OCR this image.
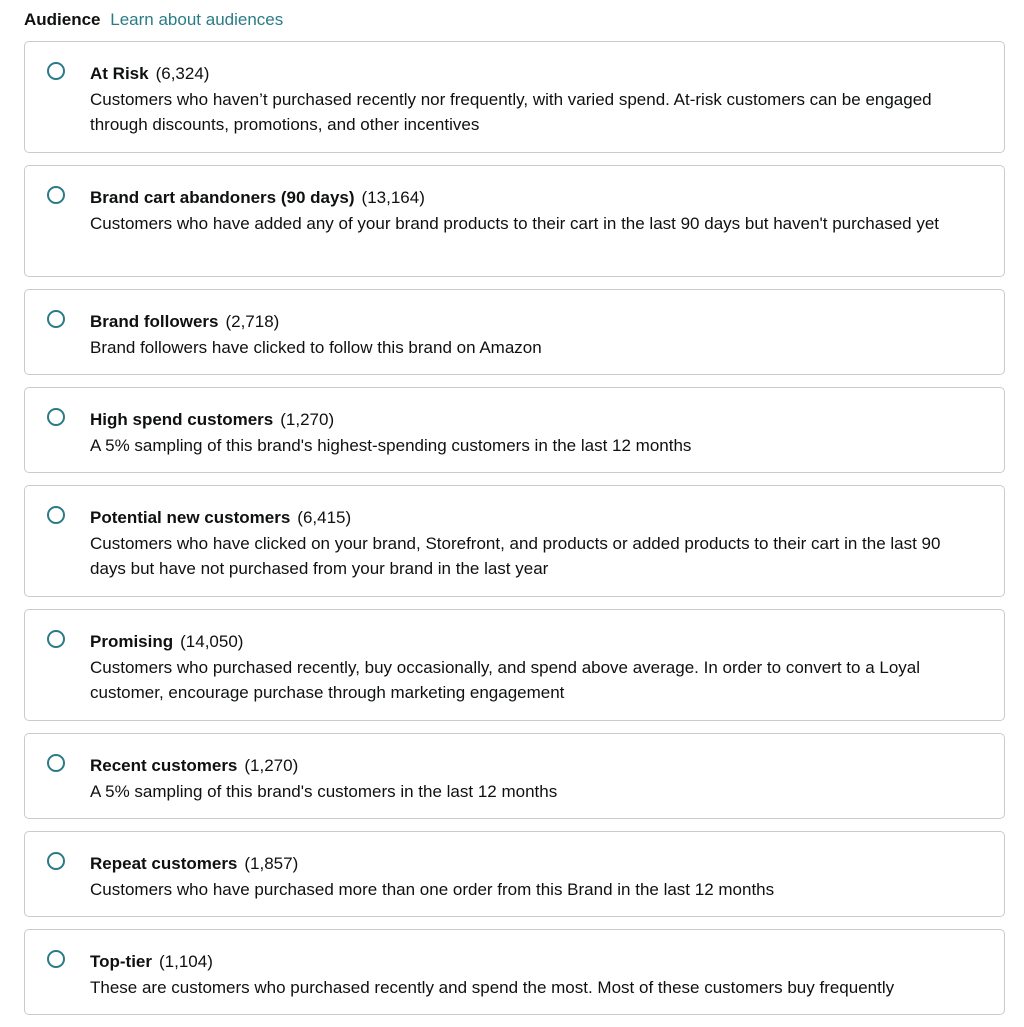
Audience Learn about audiences
At Risk (6,324)
Customers who haven’t purchased recently nor frequently, with varied spend. At-risk customers can be engaged through discounts, promotions, and other incentives
Brand cart abandoners (90 days) (13,164)
Customers who have added any of your brand products to their cart in the last 90 days but haven't purchased yet
Brand followers (2,718)
Brand followers have clicked to follow this brand on Amazon
High spend customers (1,270)
A 5% sampling of this brand's highest-spending customers in the last 12 months
Potential new customers (6,415)
Customers who have clicked on your brand, Storefront, and products or added products to their cart in the last 90 days but have not purchased from your brand in the last year
Promising (14,050)
Customers who purchased recently, buy occasionally, and spend above average. In order to convert to a Loyal customer, encourage purchase through marketing engagement
Recent customers (1,270)
A 5% sampling of this brand's customers in the last 12 months
Repeat customers (1,857)
Customers who have purchased more than one order from this Brand in the last 12 months
Top-tier (1,104)
These are customers who purchased recently and spend the most. Most of these customers buy frequently
